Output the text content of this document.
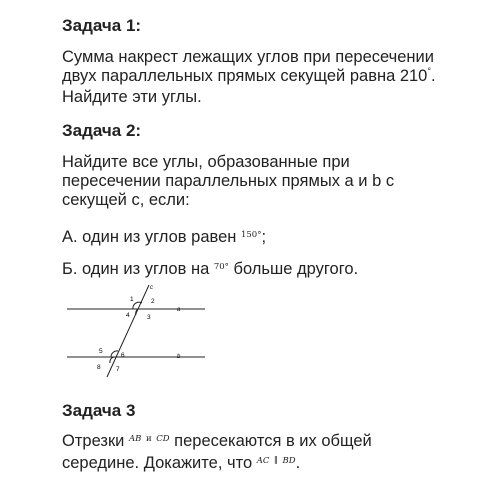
Задача 1:
Сумма накрест лежащих углов при пересечении
двух параллельных прямых секущей равна 210°.
Найдите эти углы.
Задача 2:
Найдите все углы, образованные при
пересечении параллельных прямых a и b с
секущей c, если:
А. один из углов равен $^{150^\circ}$;
Б. один из углов на $^{70^\circ}$ больше другого.
c
a
b
1	2
3
4
5
6
7
8
Задача 3
Отрезки $^{AB}$ $^и$ $^{CD}$ пересекаются в их общей
середине. Докажите, что $^{AC}$ ∥ $^{BD}$.
